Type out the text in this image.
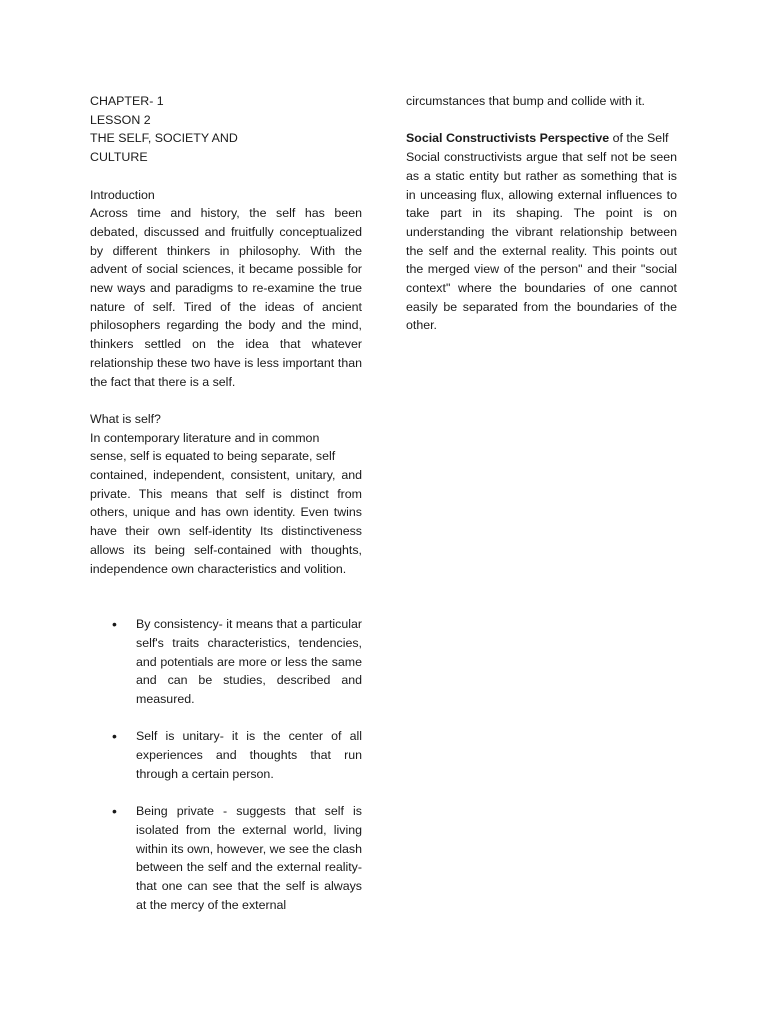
CHAPTER- 1
LESSON 2
THE SELF, SOCIETY AND
CULTURE
Introduction
Across time and history, the self has been debated, discussed and fruitfully conceptualized by different thinkers in philosophy. With the advent of social sciences, it became possible for new ways and paradigms to re-examine the true nature of self. Tired of the ideas of ancient philosophers regarding the body and the mind, thinkers settled on the idea that whatever relationship these two have is less important than the fact that there is a self.
What is self?
In contemporary literature and in common
sense, self is equated to being separate, self
contained, independent, consistent, unitary, and private. This means that self is distinct from others, unique and has own identity. Even twins have their own self-identity Its distinctiveness allows its being self-contained with thoughts, independence own characteristics and volition.
• By consistency- it means that a particular self's traits characteristics, tendencies, and potentials are more or less the same and can be studies, described and measured.
• Self is unitary- it is the center of all experiences and thoughts that run through a certain person.
• Being private - suggests that self is isolated from the external world, living within its own, however, we see the clash between the self and the external reality- that one can see that the self is always at the mercy of the external
circumstances that bump and collide with it.
Social Constructivists Perspective of the Self
Social constructivists argue that self not be seen as a static entity but rather as something that is in unceasing flux, allowing external influences to take part in its shaping. The point is on understanding the vibrant relationship between the self and the external reality. This points out the merged view of the person" and their "social context" where the boundaries of one cannot easily be separated from the boundaries of the other.
